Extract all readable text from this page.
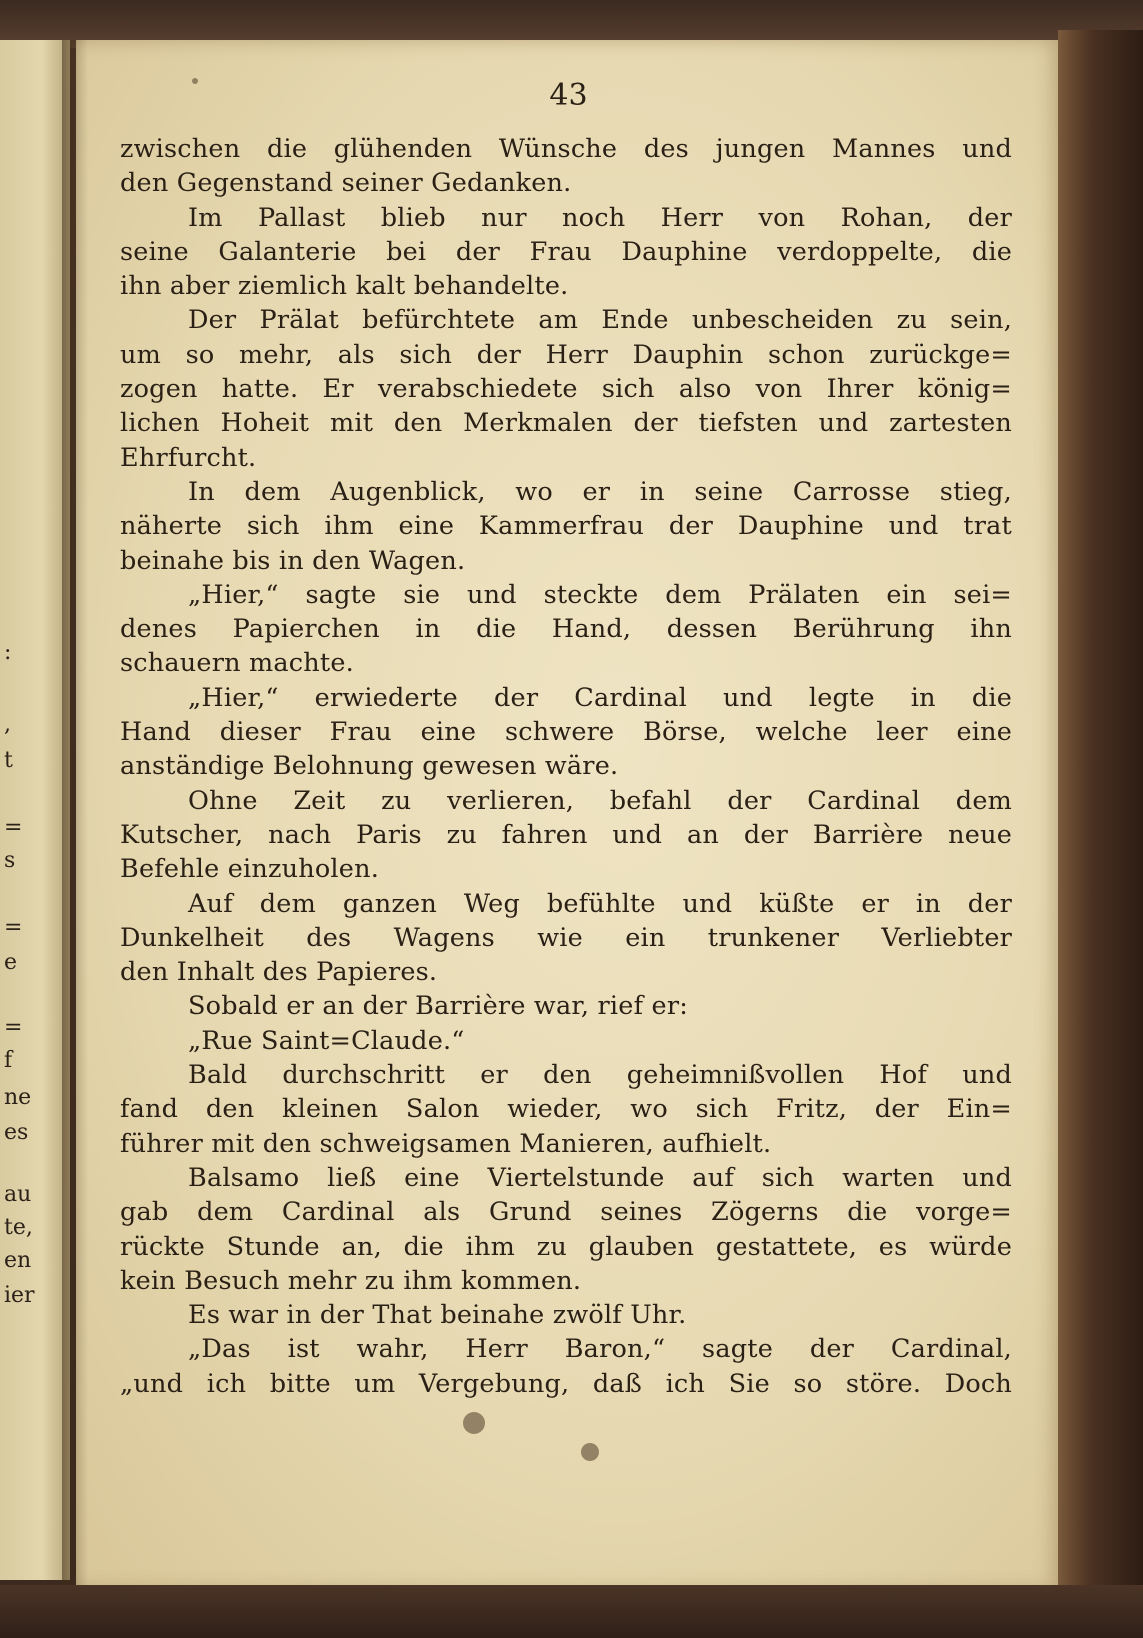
:
,
t
=
s
=
e
=
f
ne
es
au
te,
en
ier
43
zwischen die glühenden Wünsche des jungen Mannes und
den Gegenstand seiner Gedanken.
Im Pallast blieb nur noch Herr von Rohan, der
seine Galanterie bei der Frau Dauphine verdoppelte, die
ihn aber ziemlich kalt behandelte.
Der Prälat befürchtete am Ende unbescheiden zu sein,
um so mehr, als sich der Herr Dauphin schon zurückge=
zogen hatte. Er verabschiedete sich also von Ihrer könig=
lichen Hoheit mit den Merkmalen der tiefsten und zartesten
Ehrfurcht.
In dem Augenblick, wo er in seine Carrosse stieg,
näherte sich ihm eine Kammerfrau der Dauphine und trat
beinahe bis in den Wagen.
„Hier,“ sagte sie und steckte dem Prälaten ein sei=
denes Papierchen in die Hand, dessen Berührung ihn
schauern machte.
„Hier,“ erwiederte der Cardinal und legte in die
Hand dieser Frau eine schwere Börse, welche leer eine
anständige Belohnung gewesen wäre.
Ohne Zeit zu verlieren, befahl der Cardinal dem
Kutscher, nach Paris zu fahren und an der Barrière neue
Befehle einzuholen.
Auf dem ganzen Weg befühlte und küßte er in der
Dunkelheit des Wagens wie ein trunkener Verliebter
den Inhalt des Papieres.
Sobald er an der Barrière war, rief er:
„Rue Saint=Claude.“
Bald durchschritt er den geheimnißvollen Hof und
fand den kleinen Salon wieder, wo sich Fritz, der Ein=
führer mit den schweigsamen Manieren, aufhielt.
Balsamo ließ eine Viertelstunde auf sich warten und
gab dem Cardinal als Grund seines Zögerns die vorge=
rückte Stunde an, die ihm zu glauben gestattete, es würde
kein Besuch mehr zu ihm kommen.
Es war in der That beinahe zwölf Uhr.
„Das ist wahr, Herr Baron,“ sagte der Cardinal,
„und ich bitte um Vergebung, daß ich Sie so störe. Doch
